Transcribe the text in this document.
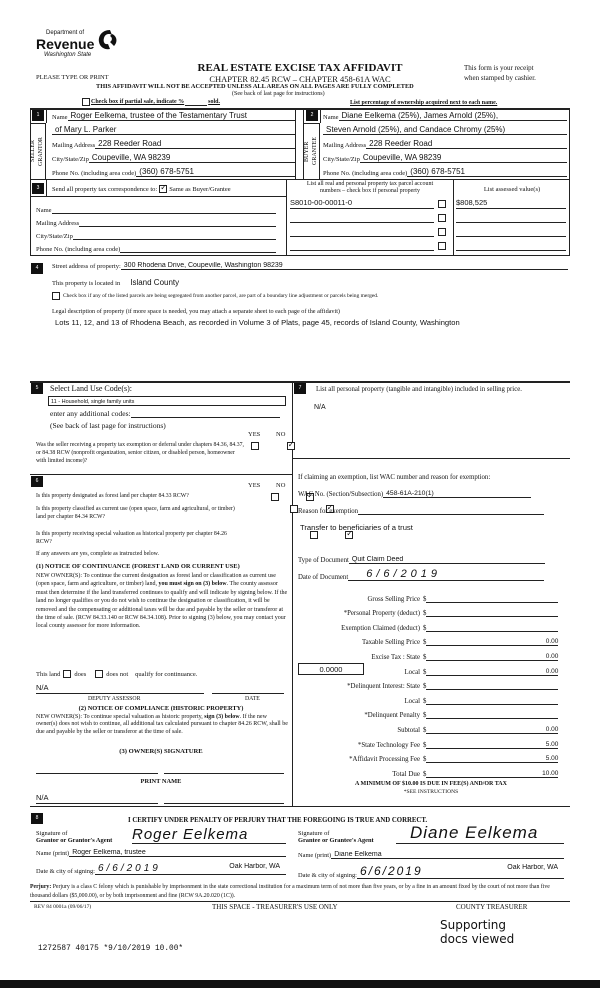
Department of
Revenue
Washington State
REAL ESTATE EXCISE TAX AFFIDAVIT
CHAPTER 82.45 RCW – CHAPTER 458-61A WAC
This form is your receipt
when stamped by cashier.
PLEASE TYPE OR PRINT
THIS AFFIDAVIT WILL NOT BE ACCEPTED UNLESS ALL AREAS ON ALL PAGES ARE FULLY COMPLETED
(See back of last page for instructions)
Check box if partial sale, indicate %	sold.	List percentage of ownership acquired next to each name.
1
SELLER GRANTOR
Name Roger Eelkema, trustee of the Testamentary Trust
of Mary L. Parker
Mailing Address 228 Reeder Road
City/State/Zip Coupeville, WA 98239
Phone No. (including area code) (360) 678-5751
2
BUYER GRANTEE
Name Diane Eelkema (25%), James Arnold (25%),
Steven Arnold (25%), and Candace Chromy (25%)
Mailing Address 228 Reeder Road
City/State/Zip Coupeville, WA 98239
Phone No. (including area code) (360) 678-5751
3	Send all property tax correspondence to: ✓ Same as Buyer/Grantee
Name
Mailing Address
City/State/Zip
Phone No. (including area code)
List all real and personal property tax parcel account
numbers – check box if personal property	List assessed value(s)
S8010-00-00011-0	$808,525
4	Street address of property: 300 Rhodena Drive, Coupeville, Washington 98239
This property is located in Island County
Check box if any of the listed parcels are being segregated from another parcel, are part of a boundary line adjustment or parcels being merged.
Legal description of property (if more space is needed, you may attach a separate sheet to each page of the affidavit)
Lots 11, 12, and 13 of Rhodena Beach, as recorded in Volume 3 of Plats, page 45, records of Island County, Washington
5	Select Land Use Code(s):
11 - Household, single family units
enter any additional codes:
(See back of last page for instructions)
YES NO
Was the seller receiving a property tax exemption or deferral under chapters 84.36, 84.37, or 84.38 RCW (nonprofit organization, senior citizen, or disabled person, homeowner with limited income)?
✓
6
YES NO
Is this property designated as forest land per chapter 84.33 RCW?
✓
Is this property classified as current use (open space, farm and agricultural, or timber) land per chapter 84.34 RCW?
✓
Is this property receiving special valuation as historical property per chapter 84.26 RCW?
✓
If any answers are yes, complete as instructed below.
(1) NOTICE OF CONTINUANCE (FOREST LAND OR CURRENT USE)
NEW OWNER(S): To continue the current designation as forest land or classification as current use (open space, farm and agriculture, or timber) land, you must sign on (3) below. The county assessor must then determine if the land transferred continues to qualify and will indicate by signing below. If the land no longer qualifies or you do not wish to continue the designation or classification, it will be removed and the compensating or additional taxes will be due and payable by the seller or transferor at the time of sale. (RCW 84.33.140 or RCW 84.34.108). Prior to signing (3) below, you may contact your local county assessor for more information.
This land does	does not qualify for continuance.
N/A
DEPUTY ASSESSOR	DATE
(2) NOTICE OF COMPLIANCE (HISTORIC PROPERTY)
NEW OWNER(S): To continue special valuation as historic property, sign (3) below. If the new owner(s) does not wish to continue, all additional tax calculated pursuant to chapter 84.26 RCW, shall be due and payable by the seller or transferor at the time of sale.
(3) OWNER(S) SIGNATURE
PRINT NAME
N/A
7	List all personal property (tangible and intangible) included in selling price.
N/A
If claiming an exemption, list WAC number and reason for exemption:
WAC No. (Section/Subsection) 458-61A-210(1)
Reason for exemption
Transfer to beneficiaries of a trust
Type of Document Quit Claim Deed
Date of Document	6/6/2019
Gross Selling Price $
*Personal Property (deduct) $
Exemption Claimed (deduct) $
Taxable Selling Price $	0.00
Excise Tax : State $	0.00
0.0000	Local $	0.00
*Delinquent Interest: State $
Local $
*Delinquent Penalty $
Subtotal $	0.00
*State Technology Fee $	5.00
*Affidavit Processing Fee $	5.00
Total Due $	10.00
A MINIMUM OF $10.00 IS DUE IN FEE(S) AND/OR TAX
*SEE INSTRUCTIONS
8	I CERTIFY UNDER PENALTY OF PERJURY THAT THE FOREGOING IS TRUE AND CORRECT.
Signature of
Grantor or Grantor's Agent Roger Eelkema
Name (print) Roger Eelkema, trustee
Date & city of signing: 6/6/2019	Oak Harbor, WA
Signature of
Grantee or Grantee's Agent	Diane Eelkema
Name (print) Diane Eelkema
Date & city of signing: 6/6/2019	Oak Harbor, WA
Perjury: Perjury is a class C felony which is punishable by imprisonment in the state correctional institution for a maximum term of not more than five years, or by a fine in an amount fixed by the court of not more than five thousand dollars ($5,000.00), or by both imprisonment and fine (RCW 9A.20.020 (1C)).
REV 84 0001a (09/06/17)	THIS SPACE - TREASURER'S USE ONLY	COUNTY TREASURER
1272587 40175 *9/10/2019 10.00*
Supporting
docs viewed
